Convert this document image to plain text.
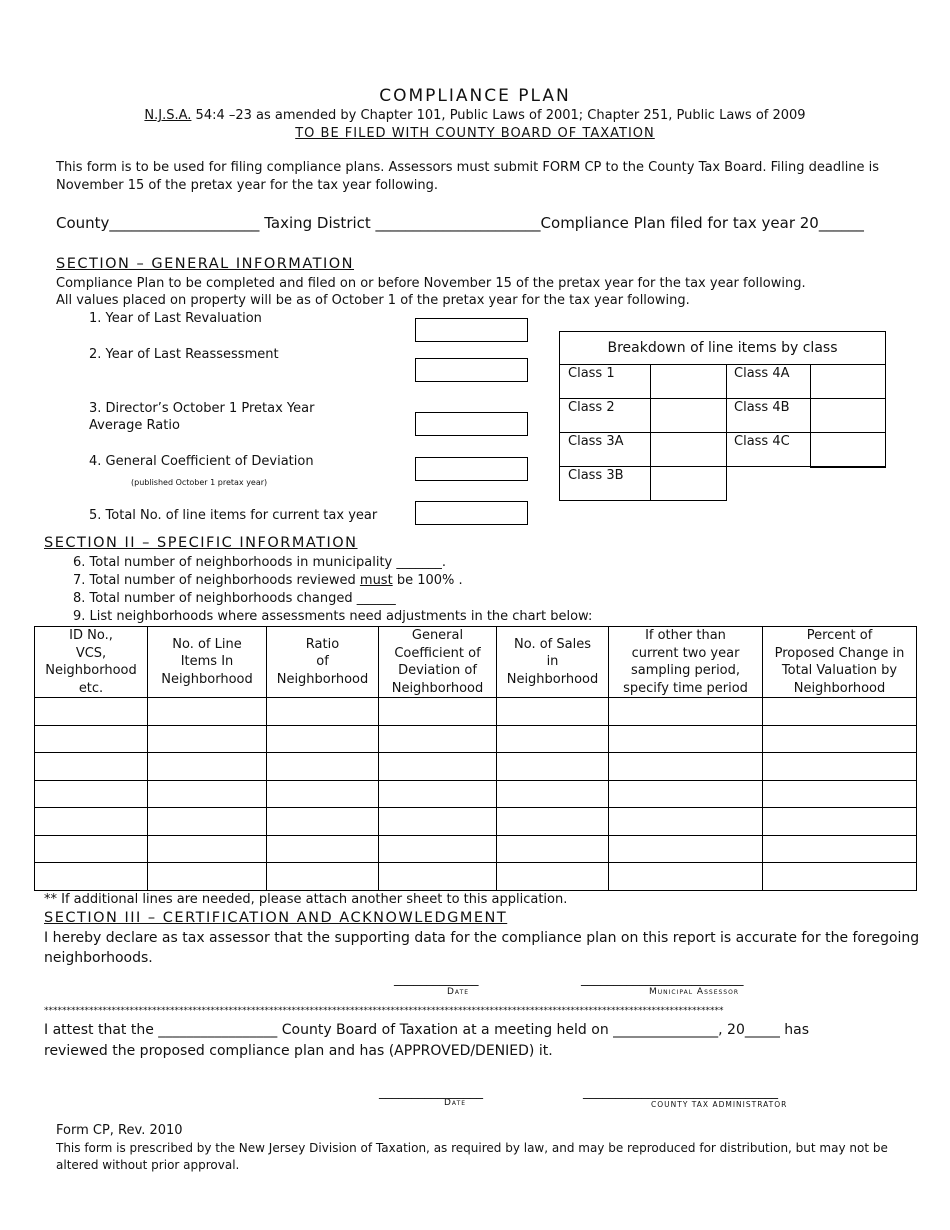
COMPLIANCE PLAN
N.J.S.A. 54:4 –23 as amended by Chapter 101, Public Laws of 2001; Chapter 251, Public Laws of 2009
TO BE FILED WITH COUNTY BOARD OF TAXATION
This form is to be used for filing compliance plans. Assessors must submit FORM CP to the County Tax Board. Filing deadline is
November 15 of the pretax year for the tax year following.
County____________________ Taxing District ______________________Compliance Plan filed for tax year 20______
SECTION – GENERAL INFORMATION
Compliance Plan to be completed and filed on or before November 15 of the pretax year for the tax year following.
All values placed on property will be as of October 1 of the pretax year for the tax year following.
1. Year of Last Revaluation
2. Year of Last Reassessment
3. Director’s October 1 Pretax Year
Average Ratio
4. General Coefficient of Deviation
(published October 1 pretax year)
5. Total No. of line items for current tax year
Breakdown of line items by class			
Class 1		Class 4A	
Class 2		Class 4B	
Class 3A		Class 4C	
Class 3B			
SECTION II – SPECIFIC INFORMATION
6. Total number of neighborhoods in municipality _______.
7. Total number of neighborhoods reviewed must be 100% .
8. Total number of neighborhoods changed ______
9. List neighborhoods where assessments need adjustments in the chart below:
ID No.,
VCS,
Neighborhood
etc.	No. of Line
Items In
Neighborhood	Ratio
of
Neighborhood	General
Coefficient of
Deviation of
Neighborhood	No. of Sales
in
Neighborhood	If other than
current two year
sampling period,
specify time period	Percent of
Proposed Change in
Total Valuation by
Neighborhood

** If additional lines are needed, please attach another sheet to this application.
SECTION III – CERTIFICATION AND ACKNOWLEDGMENT
I hereby declare as tax assessor that the supporting data for the compliance plan on this report is accurate for the foregoing
neighborhoods.
_____________	_________________________
Date	Municipal Assessor
*******************************************************************************************************************************************************
I attest that the _________________ County Board of Taxation at a meeting held on _______________, 20_____ has
reviewed the proposed compliance plan and has (APPROVED/DENIED) it.
________________	______________________________
Date	COUNTY TAX ADMINISTRATOR
Form CP, Rev. 2010
This form is prescribed by the New Jersey Division of Taxation, as required by law, and may be reproduced for distribution, but may not be
altered without prior approval.
